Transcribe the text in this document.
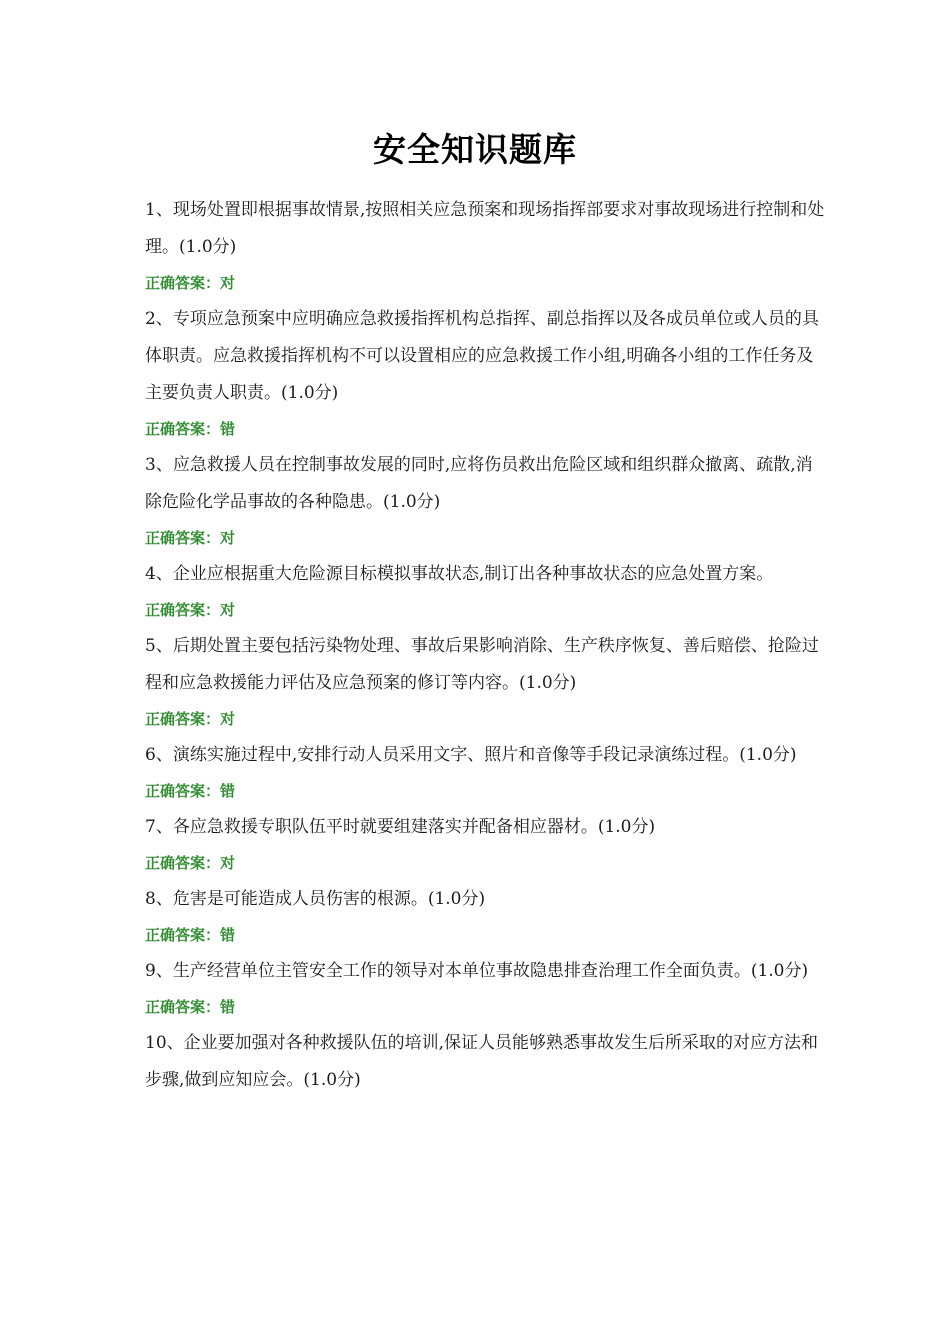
安全知识题库

1、现场处置即根据事故情景,按照相关应急预案和现场指挥部要求对事故现场进行控制和处理。(1.0分)

正确答案：对

2、专项应急预案中应明确应急救援指挥机构总指挥、副总指挥以及各成员单位或人员的具体职责。应急救援指挥机构不可以设置相应的应急救援工作小组,明确各小组的工作任务及主要负责人职责。(1.0分)

正确答案：错

3、应急救援人员在控制事故发展的同时,应将伤员救出危险区域和组织群众撤离、疏散,消除危险化学品事故的各种隐患。(1.0分)

正确答案：对

4、企业应根据重大危险源目标模拟事故状态,制订出各种事故状态的应急处置方案。

正确答案：对

5、后期处置主要包括污染物处理、事故后果影响消除、生产秩序恢复、善后赔偿、抢险过程和应急救援能力评估及应急预案的修订等内容。(1.0分)

正确答案：对

6、演练实施过程中,安排行动人员采用文字、照片和音像等手段记录演练过程。(1.0分)

正确答案：错

7、各应急救援专职队伍平时就要组建落实并配备相应器材。(1.0分)

正确答案：对

8、危害是可能造成人员伤害的根源。(1.0分)

正确答案：错

9、生产经营单位主管安全工作的领导对本单位事故隐患排查治理工作全面负责。(1.0分)

正确答案：错

10、企业要加强对各种救援队伍的培训,保证人员能够熟悉事故发生后所采取的对应方法和步骤,做到应知应会。(1.0分)
